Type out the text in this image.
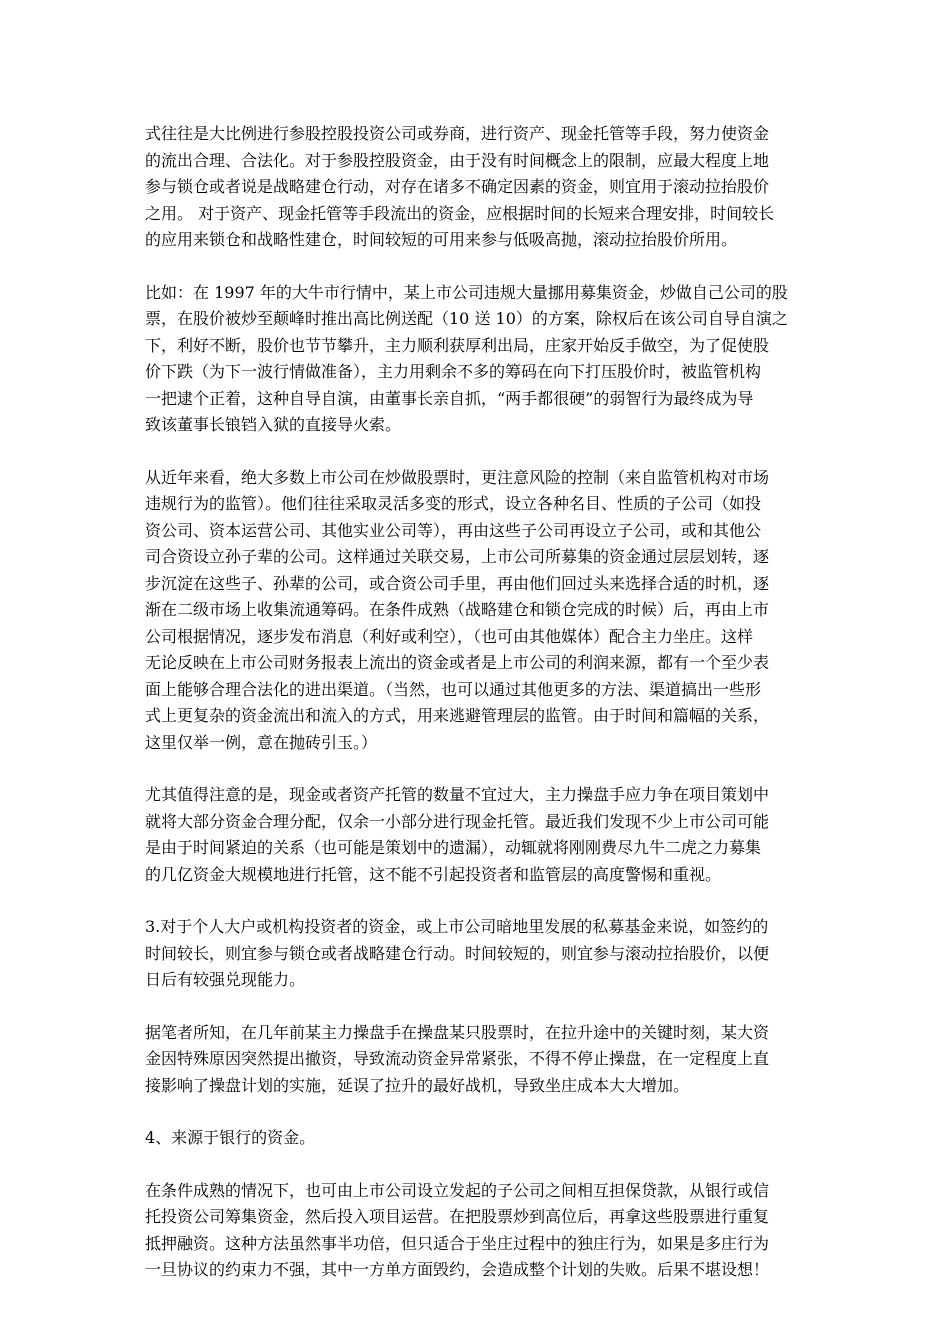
式往往是大比例进行参股控股投资公司或券商，进行资产、现金托管等手段，努力使资金
的流出合理、合法化。对于参股控股资金，由于没有时间概念上的限制，应最大程度上地
参与锁仓或者说是战略建仓行动，对存在诸多不确定因素的资金，则宜用于滚动拉抬股价
之用。 对于资产、现金托管等手段流出的资金，应根据时间的长短来合理安排，时间较长
的应用来锁仓和战略性建仓，时间较短的可用来参与低吸高抛，滚动拉抬股价所用。

比如：在 1997 年的大牛市行情中，某上市公司违规大量挪用募集资金，炒做自己公司的股
票，在股价被炒至颠峰时推出高比例送配（10 送 10）的方案，除权后在该公司自导自演之
下，利好不断，股价也节节攀升，主力顺利获厚利出局，庄家开始反手做空，为了促使股
价下跌（为下一波行情做准备），主力用剩余不多的筹码在向下打压股价时，被监管机构
一把逮个正着，这种自导自演，由董事长亲自抓，“两手都很硬”的弱智行为最终成为导
致该董事长锒铛入狱的直接导火索。

从近年来看，绝大多数上市公司在炒做股票时，更注意风险的控制（来自监管机构对市场
违规行为的监管）。他们往往采取灵活多变的形式，设立各种名目、性质的子公司（如投
资公司、资本运营公司、其他实业公司等），再由这些子公司再设立子公司，或和其他公
司合资设立孙子辈的公司。这样通过关联交易，上市公司所募集的资金通过层层划转，逐
步沉淀在这些子、孙辈的公司，或合资公司手里，再由他们回过头来选择合适的时机，逐
渐在二级市场上收集流通筹码。在条件成熟（战略建仓和锁仓完成的时候）后，再由上市
公司根据情况，逐步发布消息（利好或利空），（也可由其他媒体）配合主力坐庄。这样
无论反映在上市公司财务报表上流出的资金或者是上市公司的利润来源，都有一个至少表
面上能够合理合法化的进出渠道。（当然，也可以通过其他更多的方法、渠道搞出一些形
式上更复杂的资金流出和流入的方式，用来逃避管理层的监管。由于时间和篇幅的关系，
这里仅举一例，意在抛砖引玉。）

尤其值得注意的是，现金或者资产托管的数量不宜过大，主力操盘手应力争在项目策划中
就将大部分资金合理分配，仅余一小部分进行现金托管。最近我们发现不少上市公司可能
是由于时间紧迫的关系（也可能是策划中的遗漏），动辄就将刚刚费尽九牛二虎之力募集
的几亿资金大规模地进行托管，这不能不引起投资者和监管层的高度警惕和重视。

3.对于个人大户或机构投资者的资金，或上市公司暗地里发展的私募基金来说，如签约的
时间较长，则宜参与锁仓或者战略建仓行动。时间较短的，则宜参与滚动拉抬股价，以便
日后有较强兑现能力。

据笔者所知，在几年前某主力操盘手在操盘某只股票时，在拉升途中的关键时刻，某大资
金因特殊原因突然提出撤资，导致流动资金异常紧张，不得不停止操盘，在一定程度上直
接影响了操盘计划的实施，延误了拉升的最好战机，导致坐庄成本大大增加。

4、来源于银行的资金。

在条件成熟的情况下，也可由上市公司设立发起的子公司之间相互担保贷款，从银行或信
托投资公司筹集资金，然后投入项目运营。在把股票炒到高位后，再拿这些股票进行重复
抵押融资。这种方法虽然事半功倍，但只适合于坐庄过程中的独庄行为，如果是多庄行为
一旦协议的约束力不强，其中一方单方面毁约，会造成整个计划的失败。后果不堪设想！
